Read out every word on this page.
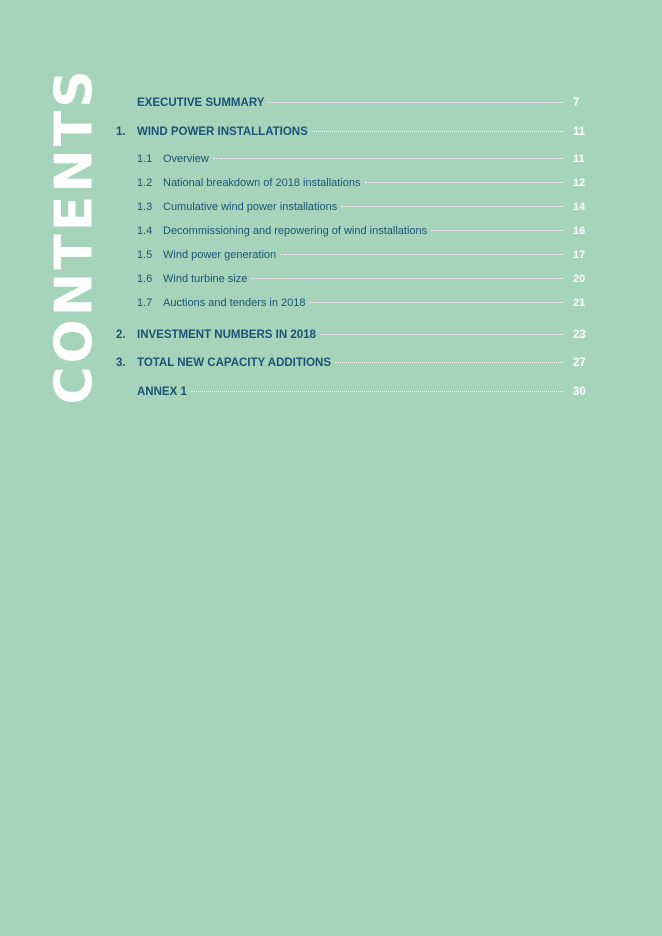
CONTENTS	EXECUTIVE SUMMARY	7
1. WIND POWER INSTALLATIONS	11
1.1 Overview	11
1.2 National breakdown of 2018 installations	12
1.3 Cumulative wind power installations	14
1.4 Decommissioning and repowering of wind installations	16
1.5 Wind power generation	17
1.6 Wind turbine size	20
1.7 Auctions and tenders in 2018	21
2. INVESTMENT NUMBERS IN 2018	23
3. TOTAL NEW CAPACITY ADDITIONS	27
ANNEX 1	30
